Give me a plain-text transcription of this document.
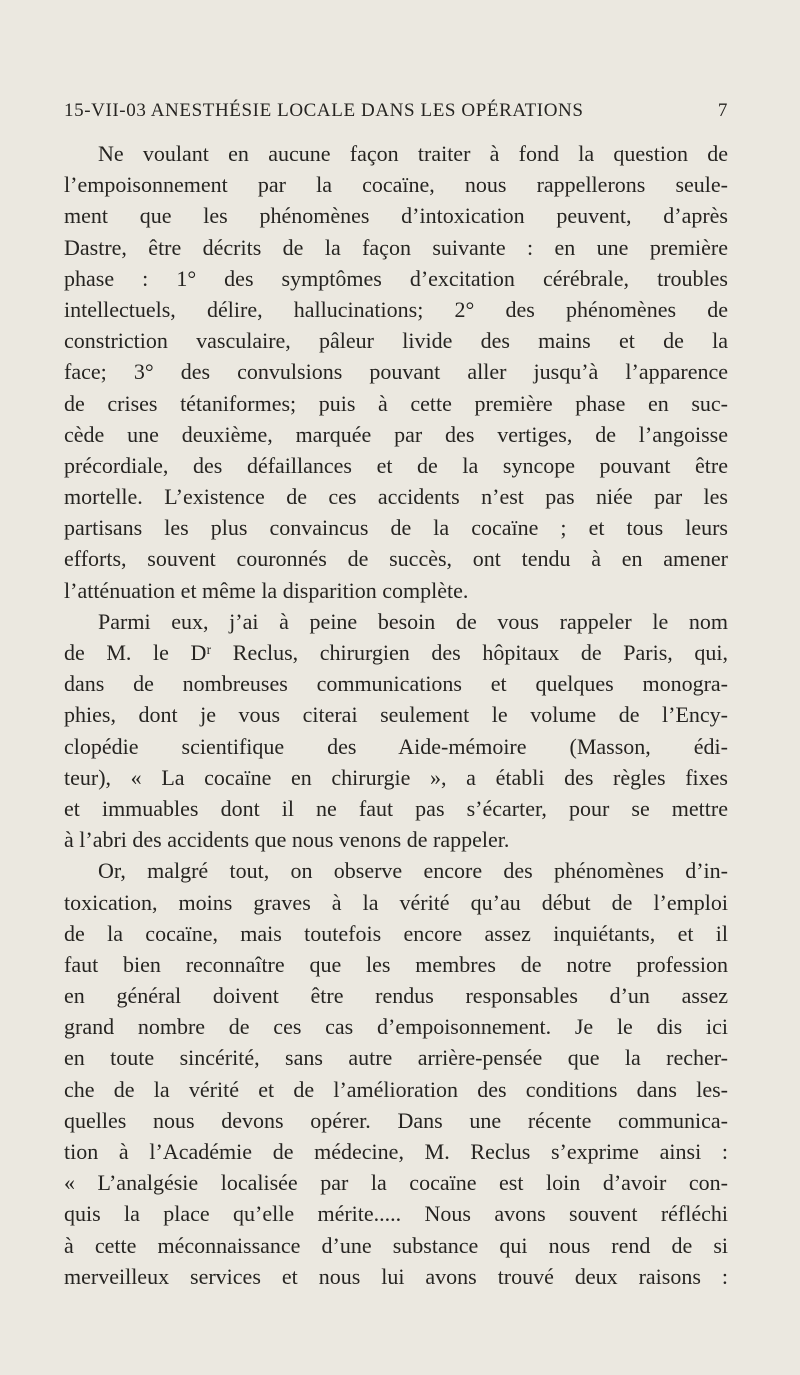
15-VII-03 ANESTHÉSIE LOCALE DANS LES OPÉRATIONS	7
Ne voulant en aucune façon traiter à fond la question de
l’empoisonnement par la cocaïne, nous rappellerons seule-
ment que les phénomènes d’intoxication peuvent, d’après
Dastre, être décrits de la façon suivante : en une première
phase : 1° des symptômes d’excitation cérébrale, troubles
intellectuels, délire, hallucinations; 2° des phénomènes de
constriction vasculaire, pâleur livide des mains et de la
face; 3° des convulsions pouvant aller jusqu’à l’apparence
de crises tétaniformes; puis à cette première phase en suc-
cède une deuxième, marquée par des vertiges, de l’angoisse
précordiale, des défaillances et de la syncope pouvant être
mortelle. L’existence de ces accidents n’est pas niée par les
partisans les plus convaincus de la cocaïne ; et tous leurs
efforts, souvent couronnés de succès, ont tendu à en amener
l’atténuation et même la disparition complète.
Parmi eux, j’ai à peine besoin de vous rappeler le nom
de M. le Dʳ Reclus, chirurgien des hôpitaux de Paris, qui,
dans de nombreuses communications et quelques monogra-
phies, dont je vous citerai seulement le volume de l’Ency-
clopédie scientifique des Aide-mémoire (Masson, édi-
teur), « La cocaïne en chirurgie », a établi des règles fixes
et immuables dont il ne faut pas s’écarter, pour se mettre
à l’abri des accidents que nous venons de rappeler.
Or, malgré tout, on observe encore des phénomènes d’in-
toxication, moins graves à la vérité qu’au début de l’emploi
de la cocaïne, mais toutefois encore assez inquiétants, et il
faut bien reconnaître que les membres de notre profession
en général doivent être rendus responsables d’un assez
grand nombre de ces cas d’empoisonnement. Je le dis ici
en toute sincérité, sans autre arrière-pensée que la recher-
che de la vérité et de l’amélioration des conditions dans les-
quelles nous devons opérer. Dans une récente communica-
tion à l’Académie de médecine, M. Reclus s’exprime ainsi :
« L’analgésie localisée par la cocaïne est loin d’avoir con-
quis la place qu’elle mérite..... Nous avons souvent réfléchi
à cette méconnaissance d’une substance qui nous rend de si
merveilleux services et nous lui avons trouvé deux raisons :
